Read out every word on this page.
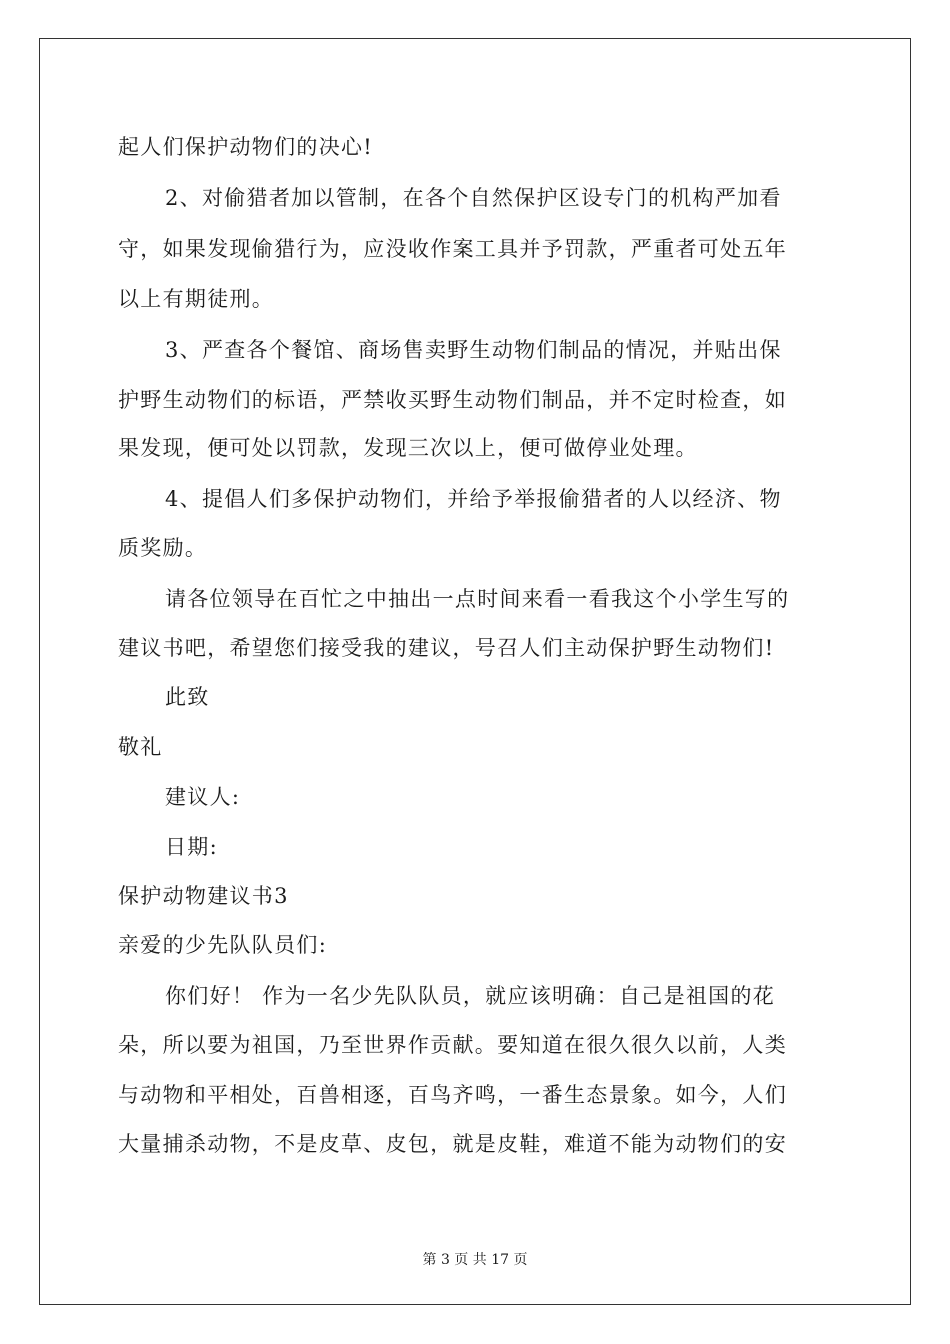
起人们保护动物们的决心!
2、对偷猎者加以管制，在各个自然保护区设专门的机构严加看
守，如果发现偷猎行为，应没收作案工具并予罚款，严重者可处五年
以上有期徒刑。
3、严查各个餐馆、商场售卖野生动物们制品的情况，并贴出保
护野生动物们的标语，严禁收买野生动物们制品，并不定时检查，如
果发现，便可处以罚款，发现三次以上，便可做停业处理。
4、提倡人们多保护动物们，并给予举报偷猎者的人以经济、物
质奖励。
请各位领导在百忙之中抽出一点时间来看一看我这个小学生写的
建议书吧，希望您们接受我的建议，号召人们主动保护野生动物们!
此致
敬礼
建议人:
日期:
保护动物建议书3
亲爱的少先队队员们:
你们好！ 作为一名少先队队员，就应该明确：自己是祖国的花
朵，所以要为祖国，乃至世界作贡献。要知道在很久很久以前，人类
与动物和平相处，百兽相逐，百鸟齐鸣，一番生态景象。如今，人们
大量捕杀动物，不是皮草、皮包，就是皮鞋，难道不能为动物们的安
第 3 页 共 17 页
